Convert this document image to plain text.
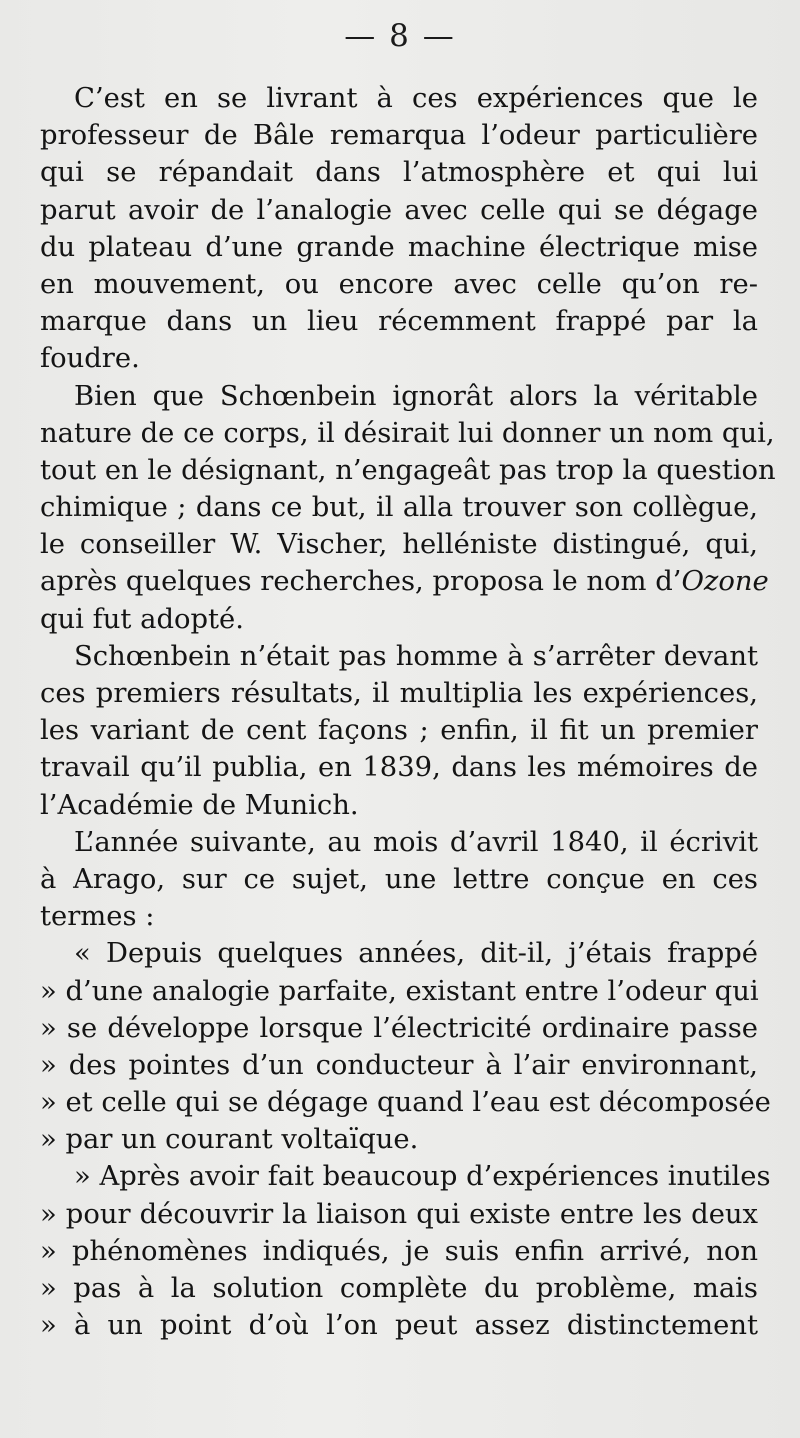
— 8 —
C’est en se livrant à ces expériences que le
professeur de Bâle remarqua l’odeur particulière
qui se répandait dans l’atmosphère et qui lui
parut avoir de l’analogie avec celle qui se dégage
du plateau d’une grande machine électrique mise
en mouvement, ou encore avec celle qu’on re-
marque dans un lieu récemment frappé par la
foudre.
Bien que Schœnbein ignorât alors la véritable
nature de ce corps, il désirait lui donner un nom qui,
tout en le désignant, n’engageât pas trop la question
chimique ; dans ce but, il alla trouver son collègue,
le conseiller W. Vischer, helléniste distingué, qui,
après quelques recherches, proposa le nom d’Ozone
qui fut adopté.
Schœnbein n’était pas homme à s’arrêter devant
ces premiers résultats, il multiplia les expériences,
les variant de cent façons ; enfin, il fit un premier
travail qu’il publia, en 1839, dans les mémoires de
l’Académie de Munich.
L’année suivante, au mois d’avril 1840, il écrivit
à Arago, sur ce sujet, une lettre conçue en ces
termes :
« Depuis quelques années, dit-il, j’étais frappé
» d’une analogie parfaite, existant entre l’odeur qui
» se développe lorsque l’électricité ordinaire passe
» des pointes d’un conducteur à l’air environnant,
» et celle qui se dégage quand l’eau est décomposée
» par un courant voltaïque.
» Après avoir fait beaucoup d’expériences inutiles
» pour découvrir la liaison qui existe entre les deux
» phénomènes indiqués, je suis enfin arrivé, non
» pas à la solution complète du problème, mais
» à un point d’où l’on peut assez distinctement
